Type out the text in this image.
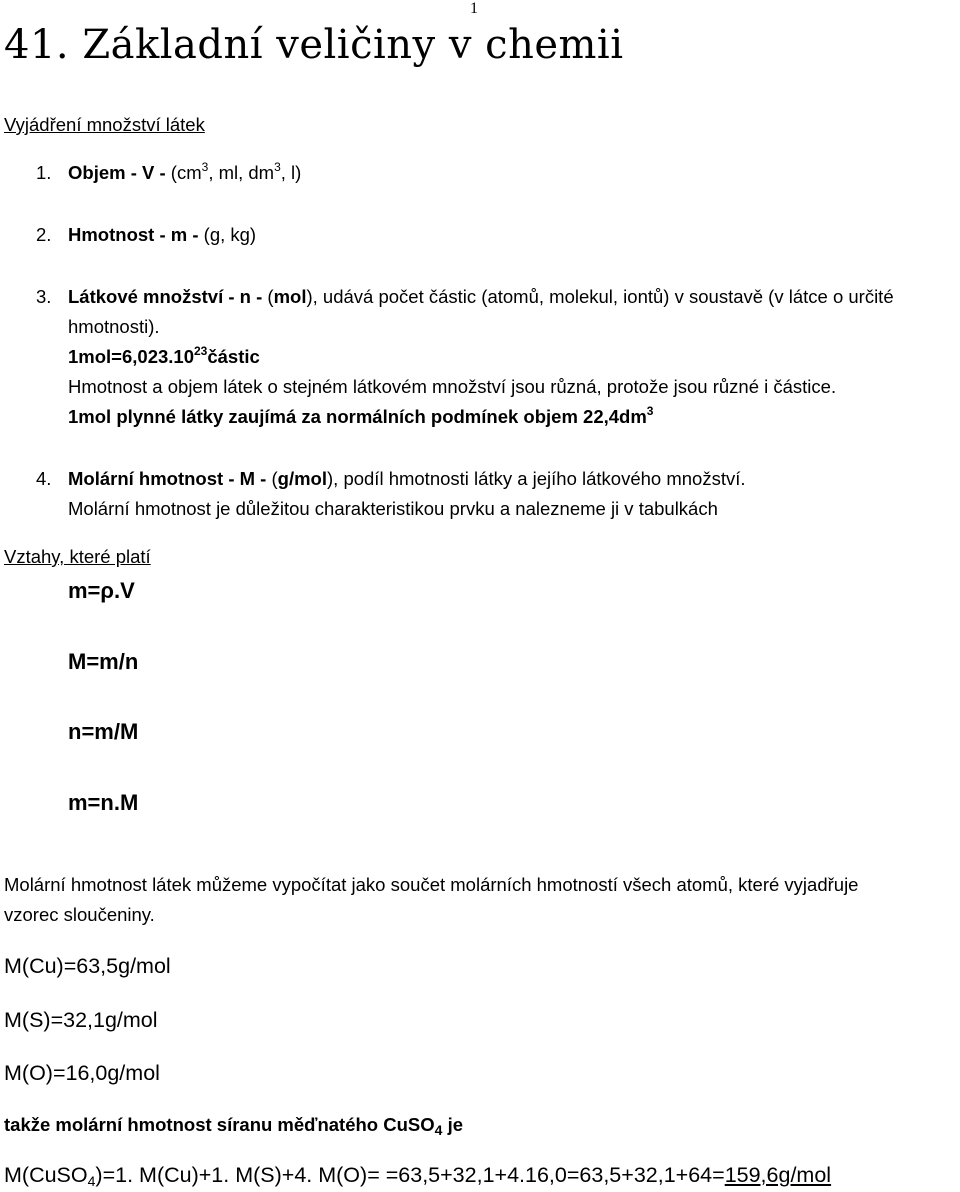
1
41. Základní veličiny v chemii
Vyjádření množství látek
1. Objem - V - ($cm^3$, ml, $dm^3$, l)
2. Hmotnost - m - (g, kg)
3. Látkové množství - n - (mol), udává počet částic (atomů, molekul, iontů) v soustavě (v látce o určité
hmotnosti).
$1mol=6,023.10^{23}částic$
Hmotnost a objem látek o stejném látkovém množství jsou různá, protože jsou různé i částice.
1mol plynné látky zaujímá za normálních podmínek objem $22,4dm^3$
4. Molární hmotnost - M - (g/mol), podíl hmotnosti látky a jejího látkového množství.
Molární hmotnost je důležitou charakteristikou prvku a nalezneme ji v tabulkách
Vztahy, které platí
m=ρ.V
M=m/n
n=m/M
m=n.M
Molární hmotnost látek můžeme vypočítat jako součet molárních hmotností všech atomů, které vyjadřuje
vzorec sloučeniny.
M(Cu)=63,5g/mol
M(S)=32,1g/mol
M(O)=16,0g/mol
takže molární hmotnost síranu měďnatého CuSO$_4$ je
M(CuSO$_4$)=1. M(Cu)+1. M(S)+4. M(O)= =63,5+32,1+4.16,0=63,5+32,1+64=159,6g/mol
